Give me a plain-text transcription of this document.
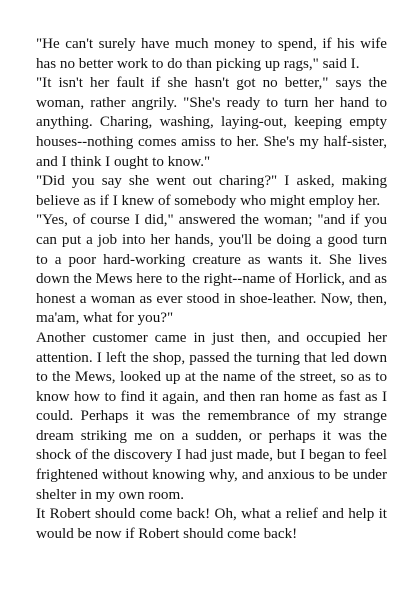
"He can't surely have much money to spend, if his wife has no better work to do than picking up rags," said I.

"It isn't her fault if she hasn't got no better," says the woman, rather angrily. "She's ready to turn her hand to anything. Charing, washing, laying-out, keeping empty houses--nothing comes amiss to her. She's my half-sister, and I think I ought to know."

"Did you say she went out charing?" I asked, making believe as if I knew of somebody who might employ her.

"Yes, of course I did," answered the woman; "and if you can put a job into her hands, you'll be doing a good turn to a poor hard-working creature as wants it. She lives down the Mews here to the right--name of Horlick, and as honest a woman as ever stood in shoe-leather. Now, then, ma'am, what for you?"

Another customer came in just then, and occupied her attention. I left the shop, passed the turning that led down to the Mews, looked up at the name of the street, so as to know how to find it again, and then ran home as fast as I could. Perhaps it was the remembrance of my strange dream striking me on a sudden, or perhaps it was the shock of the discovery I had just made, but I began to feel frightened without knowing why, and anxious to be under shelter in my own room.

It Robert should come back! Oh, what a relief and help it would be now if Robert should come back!
